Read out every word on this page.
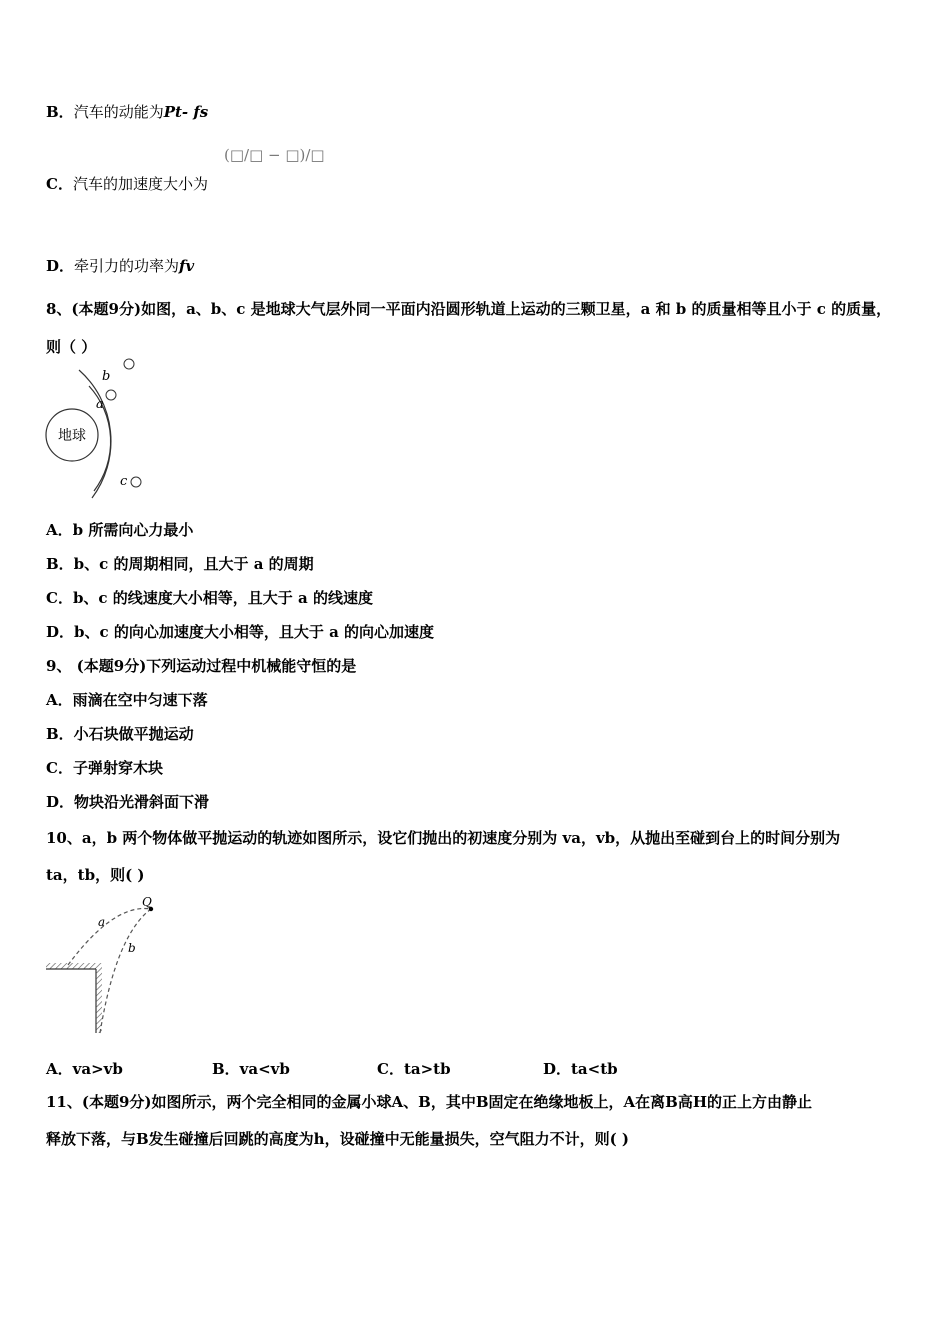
B．汽车的动能为Pt- fs
(□/□ − □)/□
C．汽车的加速度大小为
D．牵引力的功率为fv
8、(本题9分)如图，a、b、c 是地球大气层外同一平面内沿圆形轨道上运动的三颗卫星，a 和 b 的质量相等且小于 c 的质量，则（ ）
地球
b
a
c
A．b 所需向心力最小
B．b、c 的周期相同，且大于 a 的周期
C．b、c 的线速度大小相等，且大于 a 的线速度
D．b、c 的向心加速度大小相等，且大于 a 的向心加速度
9、 (本题9分)下列运动过程中机械能守恒的是
A．雨滴在空中匀速下落
B．小石块做平抛运动
C．子弹射穿木块
D．物块沿光滑斜面下滑
10、a，b 两个物体做平抛运动的轨迹如图所示，设它们抛出的初速度分别为 va，vb，从抛出至碰到台上的时间分别为
ta，tb，则( )
Q
a
b
A．va>vb	B．va<vb	C．ta>tb	D．ta<tb
11、(本题9分)如图所示，两个完全相同的金属小球A、B，其中B固定在绝缘地板上，A在离B高H的正上方由静止
释放下落，与B发生碰撞后回跳的高度为h，设碰撞中无能量损失，空气阻力不计，则( )
